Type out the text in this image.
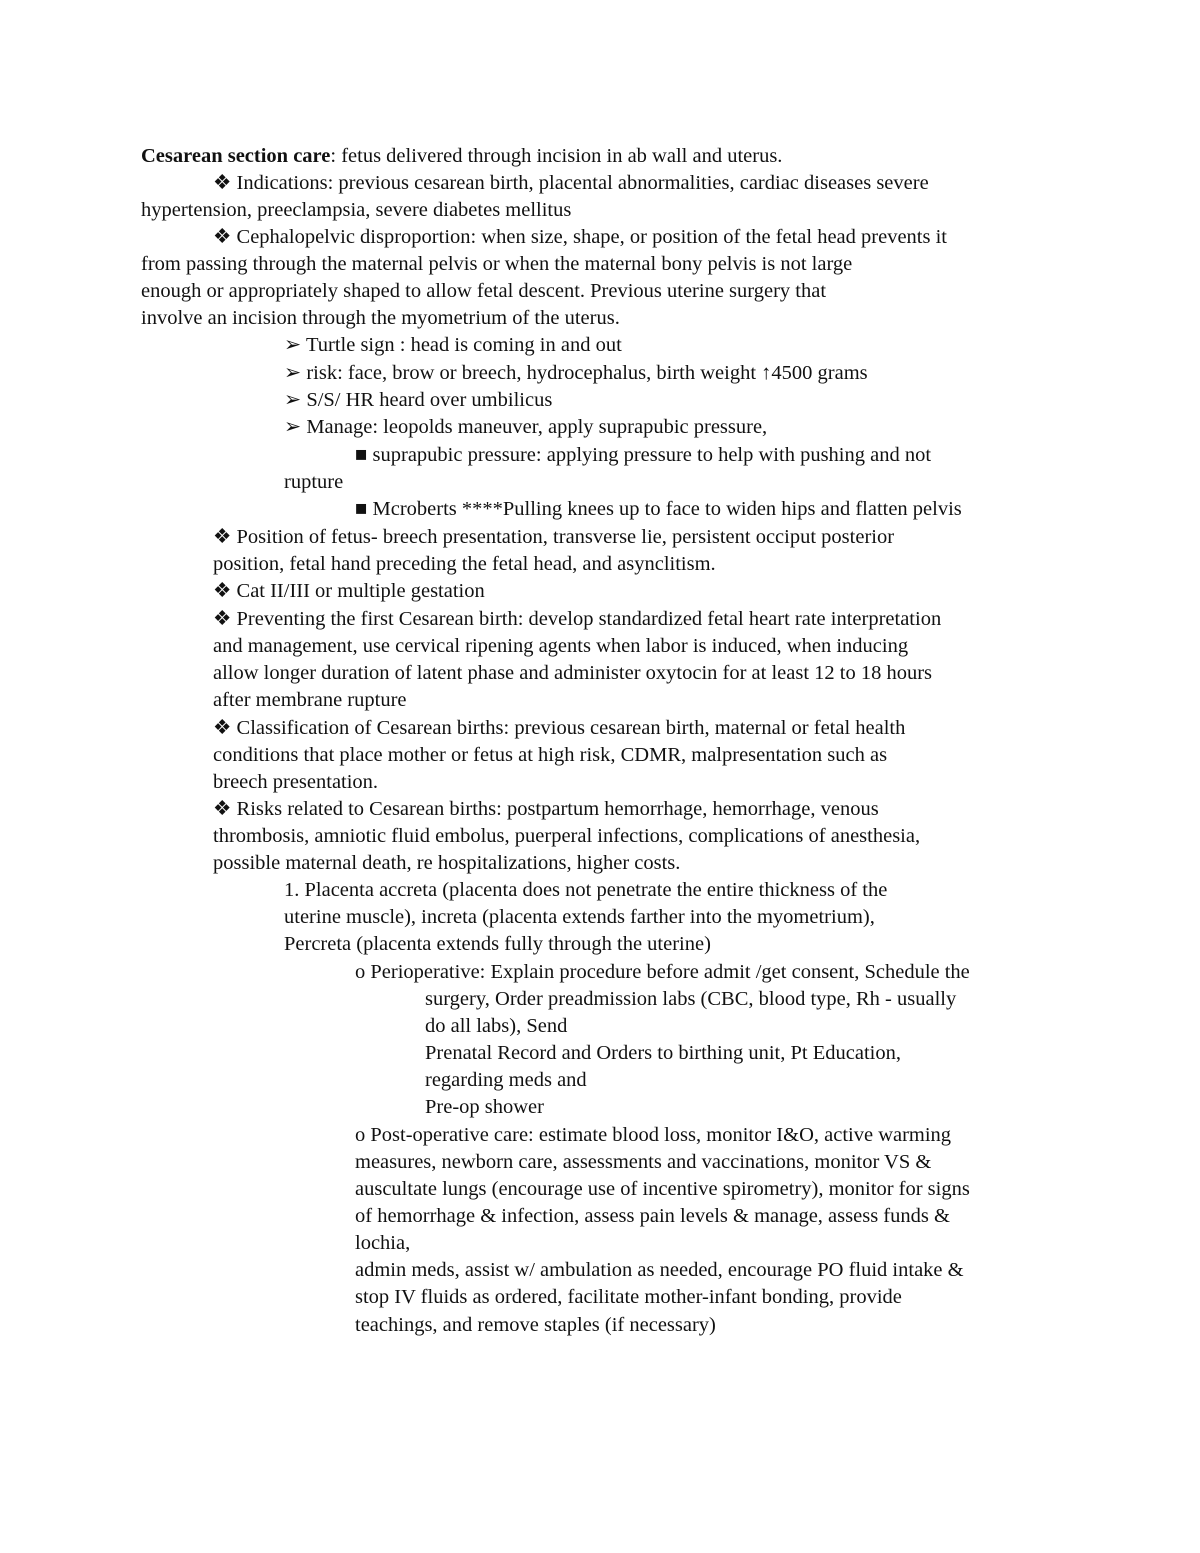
Cesarean section care: fetus delivered through incision in ab wall and uterus.
❖ Indications: previous cesarean birth, placental abnormalities, cardiac diseases severe
hypertension, preeclampsia, severe diabetes mellitus
❖ Cephalopelvic disproportion: when size, shape, or position of the fetal head prevents it
from passing through the maternal pelvis or when the maternal bony pelvis is not large
enough or appropriately shaped to allow fetal descent. Previous uterine surgery that
involve an incision through the myometrium of the uterus.
➢ Turtle sign : head is coming in and out
➢ risk: face, brow or breech, hydrocephalus, birth weight ↑4500 grams
➢ S/S/ HR heard over umbilicus
➢ Manage: leopolds maneuver, apply suprapubic pressure,
■ suprapubic pressure: applying pressure to help with pushing and not
rupture
■ Mcroberts ****Pulling knees up to face to widen hips and flatten pelvis
❖ Position of fetus- breech presentation, transverse lie, persistent occiput posterior
position, fetal hand preceding the fetal head, and asynclitism.
❖ Cat II/III or multiple gestation
❖ Preventing the first Cesarean birth: develop standardized fetal heart rate interpretation
and management, use cervical ripening agents when labor is induced, when inducing
allow longer duration of latent phase and administer oxytocin for at least 12 to 18 hours
after membrane rupture
❖ Classification of Cesarean births: previous cesarean birth, maternal or fetal health
conditions that place mother or fetus at high risk, CDMR, malpresentation such as
breech presentation.
❖ Risks related to Cesarean births: postpartum hemorrhage, hemorrhage, venous
thrombosis, amniotic fluid embolus, puerperal infections, complications of anesthesia,
possible maternal death, re hospitalizations, higher costs.
1. Placenta accreta (placenta does not penetrate the entire thickness of the
uterine muscle), increta (placenta extends farther into the myometrium),
Percreta (placenta extends fully through the uterine)
o Perioperative: Explain procedure before admit /get consent, Schedule the
surgery, Order preadmission labs (CBC, blood type, Rh - usually
do all labs), Send
Prenatal Record and Orders to birthing unit, Pt Education,
regarding meds and
Pre-op shower
o Post-operative care: estimate blood loss, monitor I&O, active warming
measures, newborn care, assessments and vaccinations, monitor VS &
auscultate lungs (encourage use of incentive spirometry), monitor for signs
of hemorrhage & infection, assess pain levels & manage, assess funds &
lochia,
admin meds, assist w/ ambulation as needed, encourage PO fluid intake &
stop IV fluids as ordered, facilitate mother-infant bonding, provide
teachings, and remove staples (if necessary)
